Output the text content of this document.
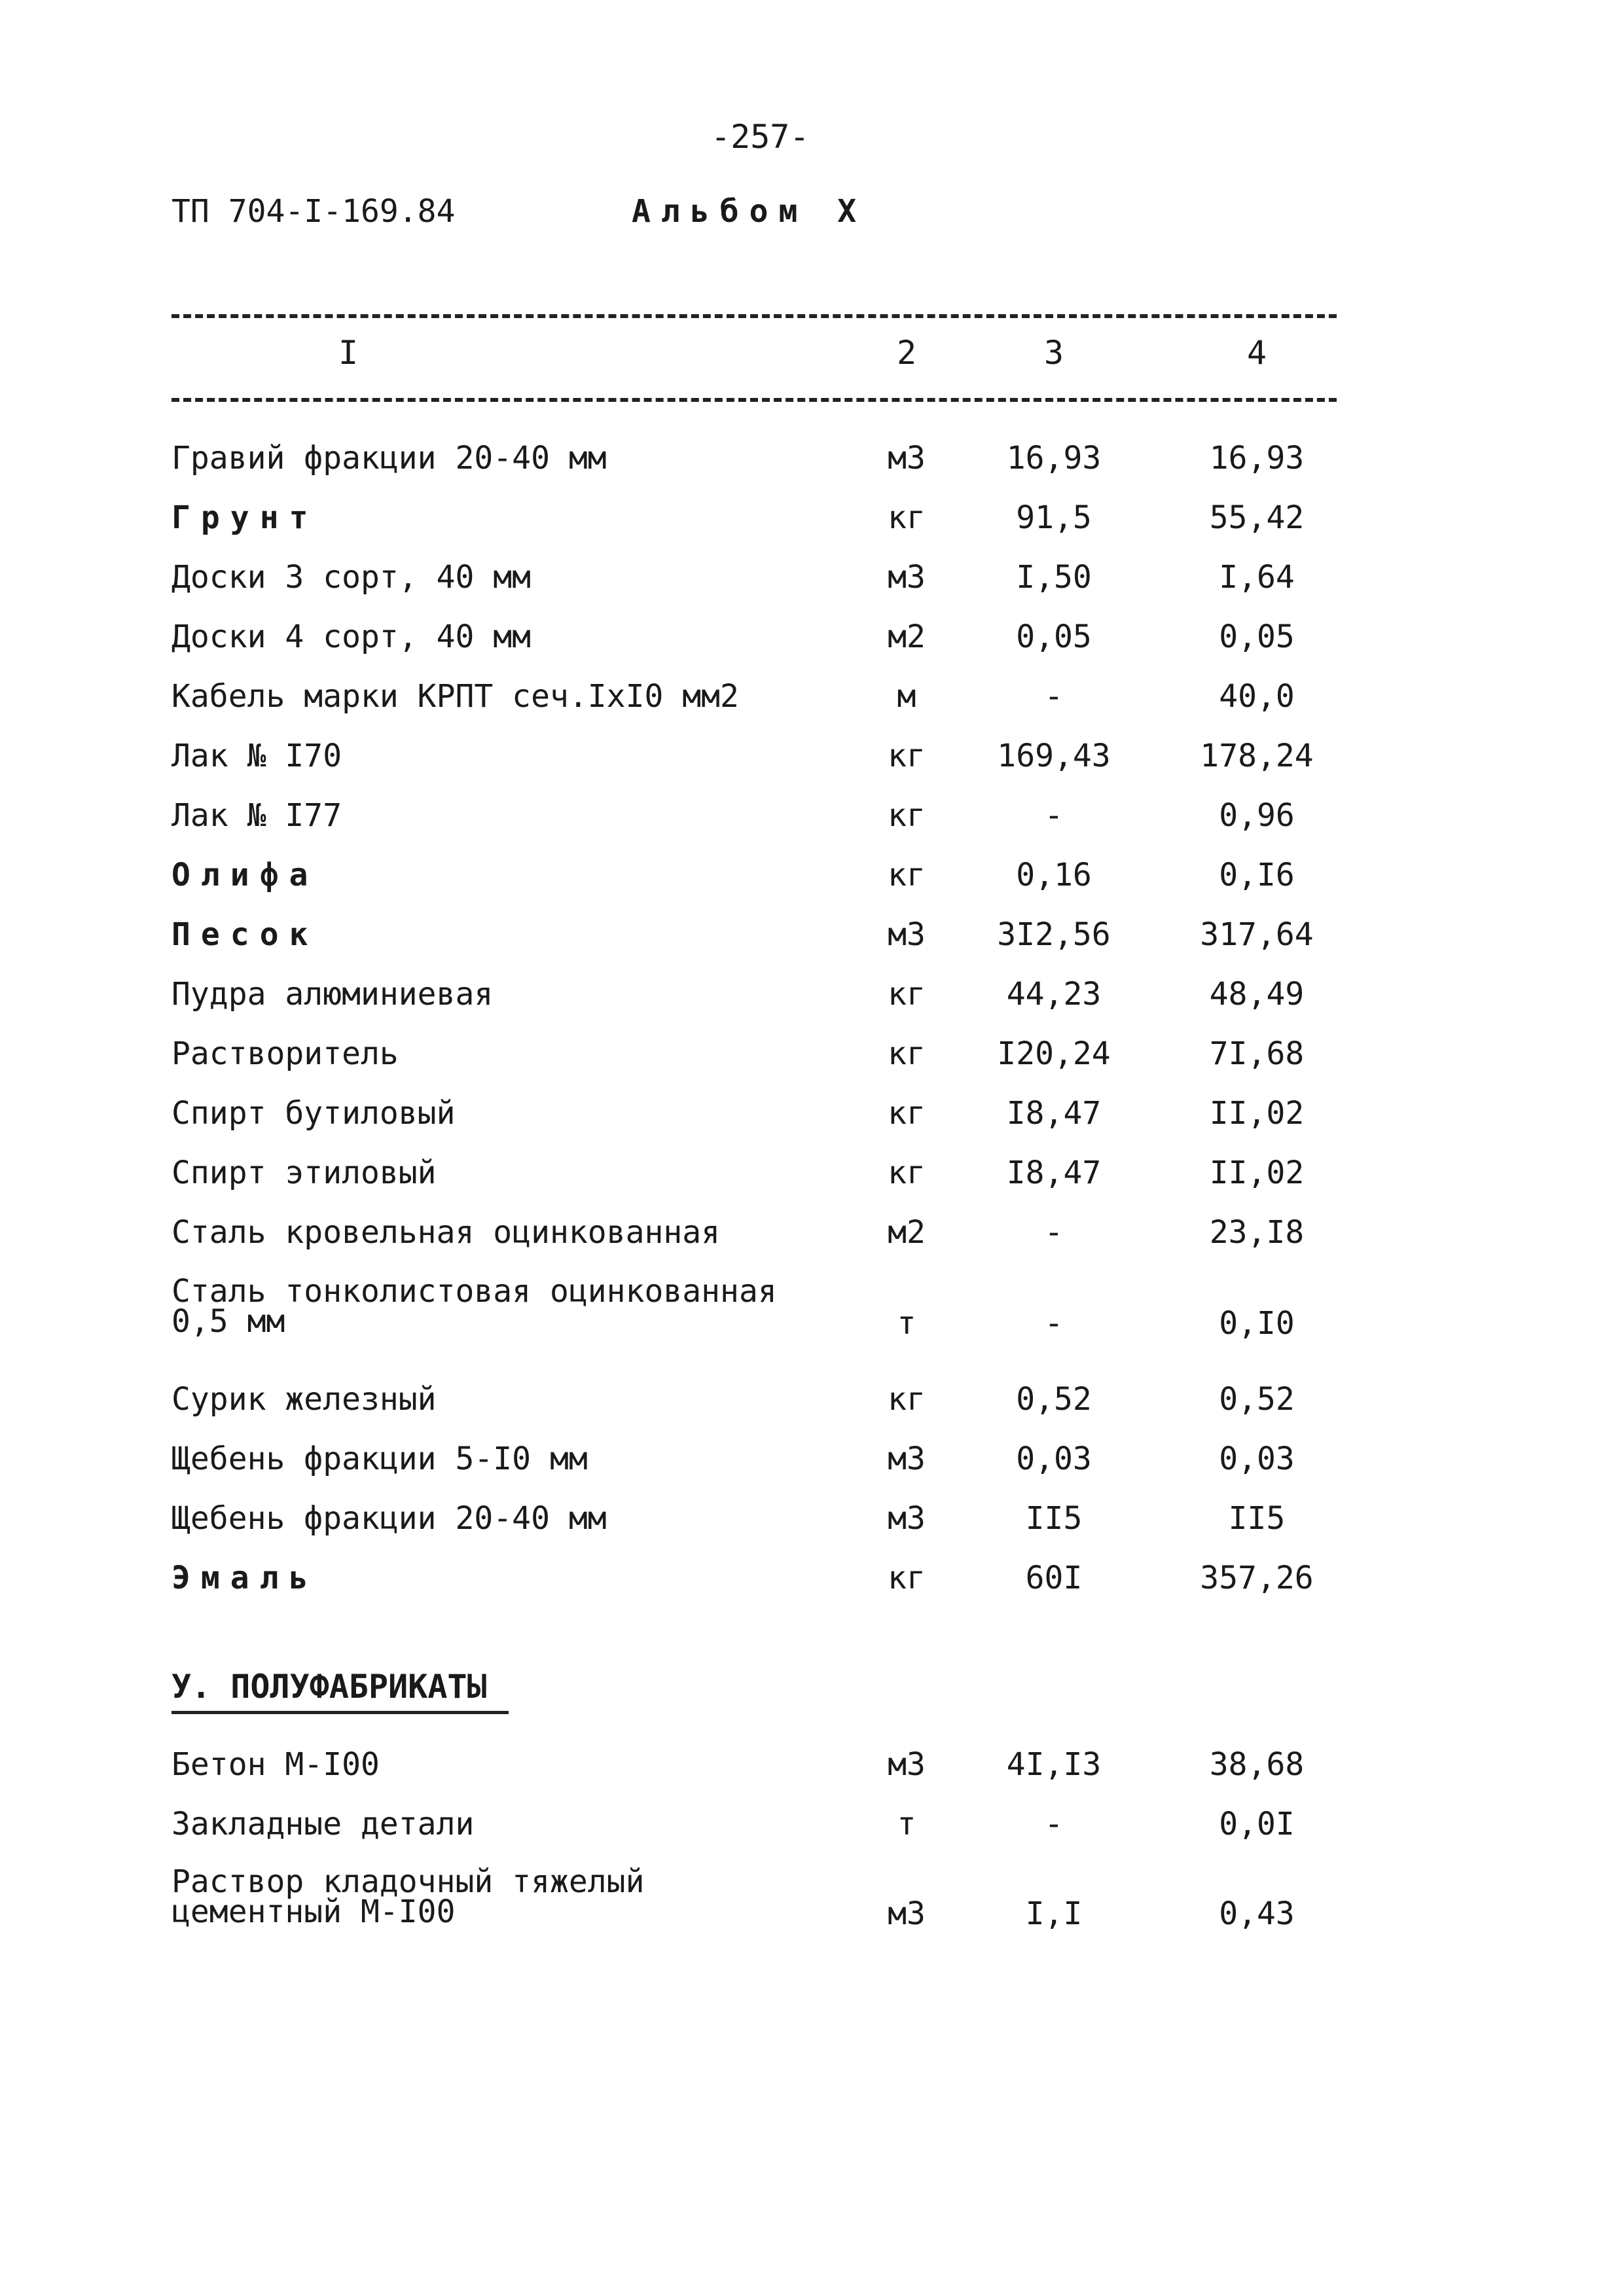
-257-
ТП 704-I-169.84	Альбом Х
I	2	3	4
Гравий фракции 20-40 мм	м3	16,93	16,93
Грунт	кг	91,5	55,42
Доски 3 сорт, 40 мм	м3	I,50	I,64
Доски 4 сорт, 40 мм	м2	0,05	0,05
Кабель марки КРПТ сеч.IxI0 мм2	м	-	40,0
Лак № I70	кг	169,43	178,24
Лак № I77	кг	-	0,96
Олифа	кг	0,16	0,I6
Песок	м3	3I2,56	317,64
Пудра алюминиевая	кг	44,23	48,49
Растворитель	кг	I20,24	7I,68
Спирт бутиловый	кг	I8,47	II,02
Спирт этиловый	кг	I8,47	II,02
Сталь кровельная оцинкованная	м2	-	23,I8
Сталь тонколистовая оцинкованная
0,5 мм	т	-	0,I0
Сурик железный	кг	0,52	0,52
Щебень фракции 5-I0 мм	м3	0,03	0,03
Щебень фракции 20-40 мм	м3	II5	II5
Эмаль	кг	60I	357,26
У. ПОЛУФАБРИКАТЫ
Бетон М-I00	м3	4I,I3	38,68
Закладные детали	т	-	0,0I
Раствор кладочный тяжелый
цементный М-I00	м3	I,I	0,43
